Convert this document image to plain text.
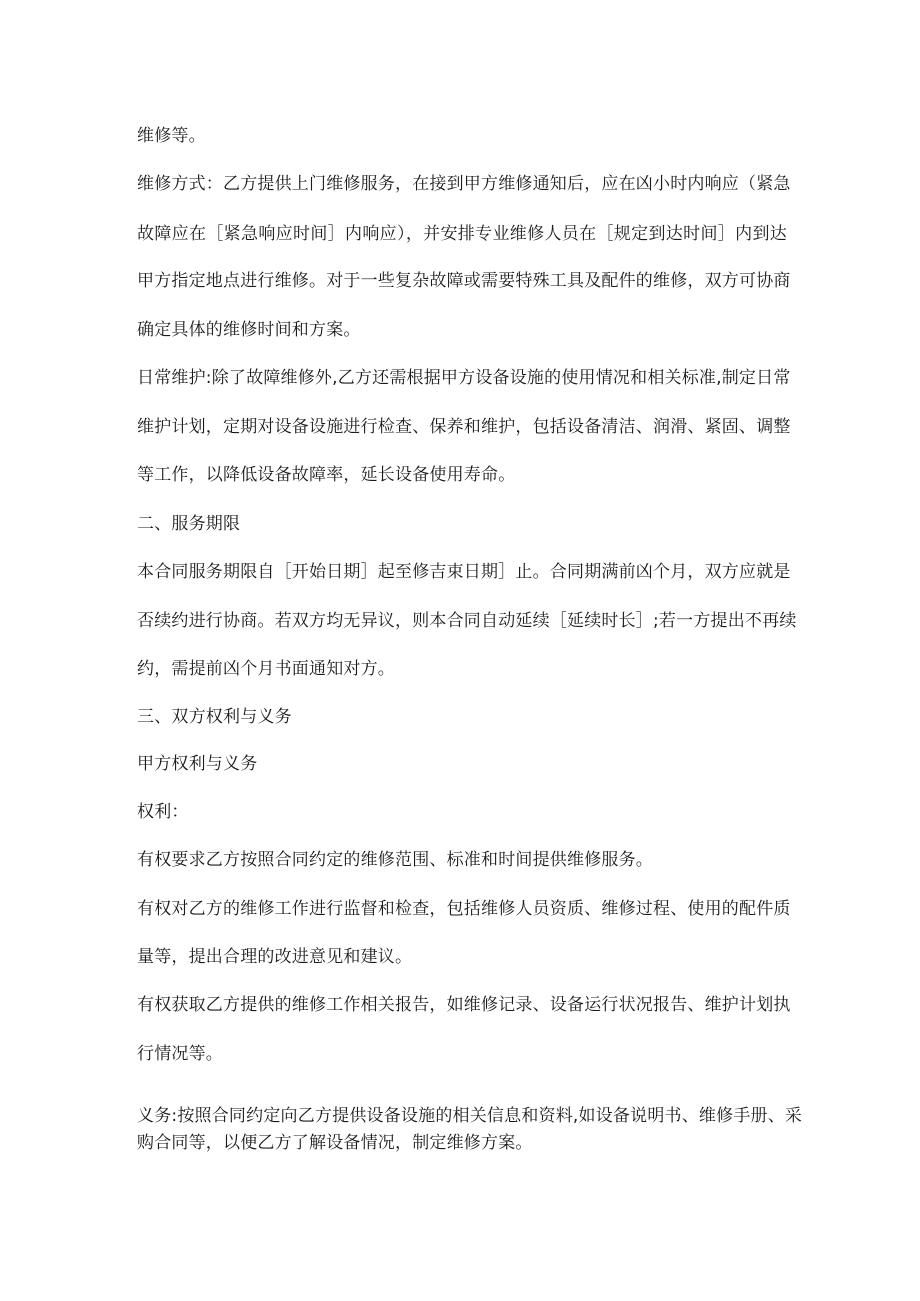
维修等。
维修方式：乙方提供上门维修服务，在接到甲方维修通知后，应在凶小时内响应（紧急
故障应在［紧急响应时间］内响应），并安排专业维修人员在［规定到达时间］内到达
甲方指定地点进行维修。对于一些复杂故障或需要特殊工具及配件的维修，双方可协商
确定具体的维修时间和方案。
日常维护:除了故障维修外,乙方还需根据甲方设备设施的使用情况和相关标准,制定日常
维护计划，定期对设备设施进行检查、保养和维护，包括设备清洁、润滑、紧固、调整
等工作，以降低设备故障率，延长设备使用寿命。
二、服务期限
本合同服务期限自［开始日期］起至修吉束日期］止。合同期满前凶个月，双方应就是
否续约进行协商。若双方均无异议，则本合同自动延续［延续时长］;若一方提出不再续
约，需提前凶个月书面通知对方。
三、双方权利与义务
甲方权利与义务
权利：
有权要求乙方按照合同约定的维修范围、标准和时间提供维修服务。
有权对乙方的维修工作进行监督和检查，包括维修人员资质、维修过程、使用的配件质
量等，提出合理的改进意见和建议。
有权获取乙方提供的维修工作相关报告，如维修记录、设备运行状况报告、维护计划执
行情况等。
义务:按照合同约定向乙方提供设备设施的相关信息和资料,如设备说明书、维修手册、采
购合同等，以便乙方了解设备情况，制定维修方案。
